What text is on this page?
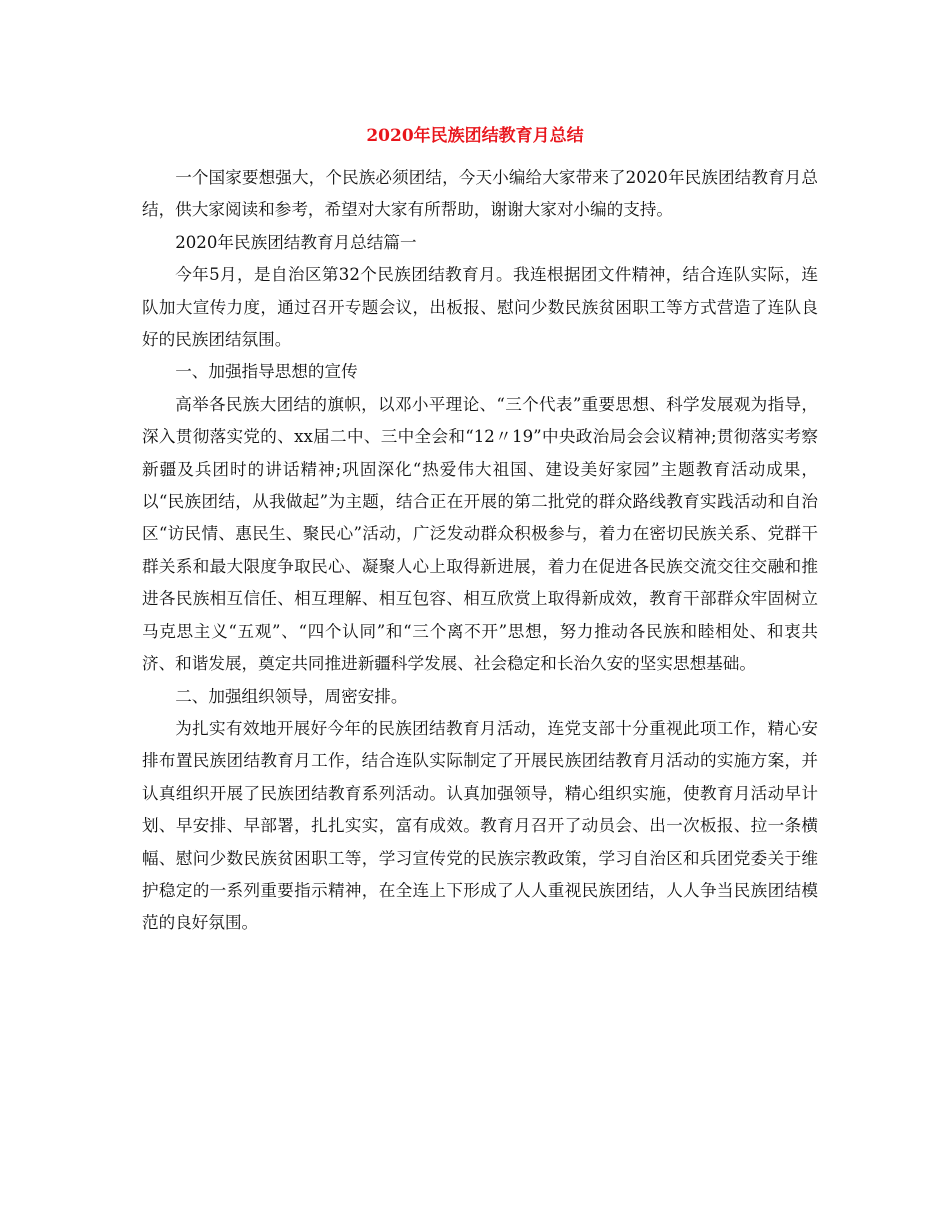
2020年民族团结教育月总结

一个国家要想强大，个民族必须团结，今天小编给大家带来了2020年民族团结教育月总结，供大家阅读和参考，希望对大家有所帮助，谢谢大家对小编的支持。

2020年民族团结教育月总结篇一

今年5月，是自治区第32个民族团结教育月。我连根据团文件精神，结合连队实际，连队加大宣传力度，通过召开专题会议，出板报、慰问少数民族贫困职工等方式营造了连队良好的民族团结氛围。

一、加强指导思想的宣传

高举各民族大团结的旗帜，以邓小平理论、“三个代表”重要思想、科学发展观为指导，深入贯彻落实党的、xx届二中、三中全会和“12〃19”中央政治局会会议精神;贯彻落实考察新疆及兵团时的讲话精神;巩固深化“热爱伟大祖国、建设美好家园”主题教育活动成果，以“民族团结，从我做起”为主题，结合正在开展的第二批党的群众路线教育实践活动和自治区“访民情、惠民生、聚民心”活动，广泛发动群众积极参与，着力在密切民族关系、党群干群关系和最大限度争取民心、凝聚人心上取得新进展，着力在促进各民族交流交往交融和推进各民族相互信任、相互理解、相互包容、相互欣赏上取得新成效，教育干部群众牢固树立马克思主义“五观”、“四个认同”和“三个离不开”思想，努力推动各民族和睦相处、和衷共济、和谐发展，奠定共同推进新疆科学发展、社会稳定和长治久安的坚实思想基础。

二、加强组织领导，周密安排。

为扎实有效地开展好今年的民族团结教育月活动，连党支部十分重视此项工作，精心安排布置民族团结教育月工作，结合连队实际制定了开展民族团结教育月活动的实施方案，并认真组织开展了民族团结教育系列活动。认真加强领导，精心组织实施，使教育月活动早计划、早安排、早部署，扎扎实实，富有成效。教育月召开了动员会、出一次板报、拉一条横幅、慰问少数民族贫困职工等，学习宣传党的民族宗教政策，学习自治区和兵团党委关于维护稳定的一系列重要指示精神，在全连上下形成了人人重视民族团结，人人争当民族团结模范的良好氛围。
